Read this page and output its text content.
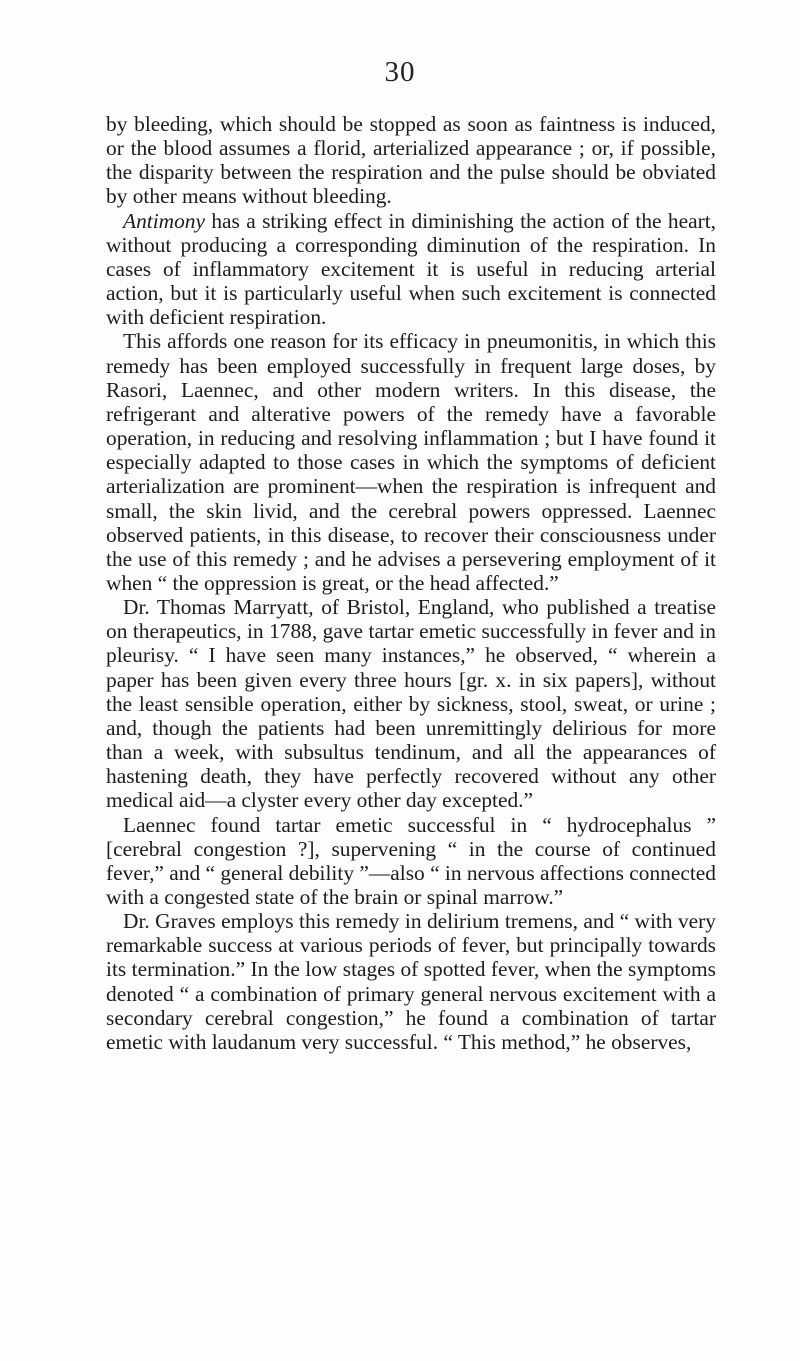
30

by bleeding, which should be stopped as soon as faintness is induced, or the blood assumes a florid, arterialized appearance ; or, if possible, the disparity between the respiration and the pulse should be obviated by other means without bleeding.

Antimony has a striking effect in diminishing the action of the heart, without producing a corresponding diminution of the respiration. In cases of inflammatory excitement it is useful in reducing arterial action, but it is particularly useful when such excitement is connected with deficient respiration.

This affords one reason for its efficacy in pneumonitis, in which this remedy has been employed successfully in frequent large doses, by Rasori, Laennec, and other modern writers. In this disease, the refrigerant and alterative powers of the remedy have a favorable operation, in reducing and resolving inflammation ; but I have found it especially adapted to those cases in which the symptoms of deficient arterialization are prominent—when the respiration is infrequent and small, the skin livid, and the cerebral powers oppressed. Laennec observed patients, in this disease, to recover their consciousness under the use of this remedy ; and he advises a persevering employment of it when “ the oppression is great, or the head affected.”

Dr. Thomas Marryatt, of Bristol, England, who published a treatise on therapeutics, in 1788, gave tartar emetic successfully in fever and in pleurisy. “ I have seen many instances,” he observed, “ wherein a paper has been given every three hours [gr. x. in six papers], without the least sensible operation, either by sickness, stool, sweat, or urine ; and, though the patients had been unremittingly delirious for more than a week, with subsultus tendinum, and all the appearances of hastening death, they have perfectly recovered without any other medical aid—a clyster every other day excepted.”

Laennec found tartar emetic successful in “ hydrocephalus ” [cerebral congestion ?], supervening “ in the course of continued fever,” and “ general debility ”—also “ in nervous affections connected with a congested state of the brain or spinal marrow.”

Dr. Graves employs this remedy in delirium tremens, and “ with very remarkable success at various periods of fever, but principally towards its termination.” In the low stages of spotted fever, when the symptoms denoted “ a combination of primary general nervous excitement with a secondary cerebral congestion,” he found a combination of tartar emetic with laudanum very successful. “ This method,” he observes,
